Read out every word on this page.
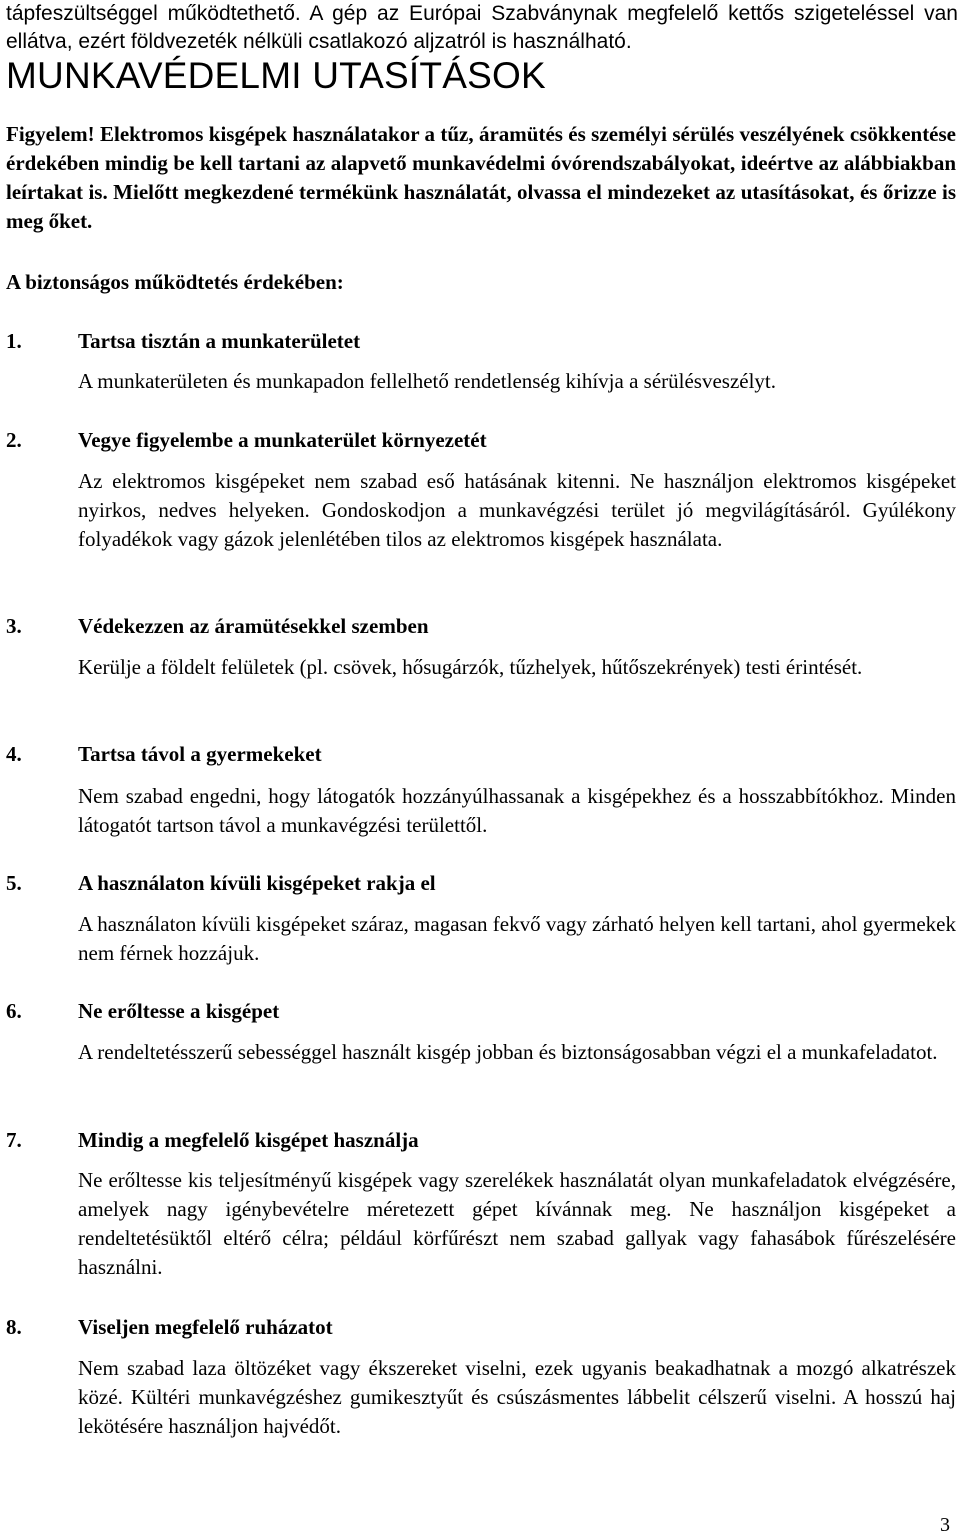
tápfeszültséggel működtethető. A gép az Európai Szabványnak megfelelő kettős szigeteléssel van ellátva, ezért földvezeték nélküli csatlakozó aljzatról is használható.
MUNKAVÉDELMI UTASÍTÁSOK
Figyelem! Elektromos kisgépek használatakor a tűz, áramütés és személyi sérülés veszélyének csökkentése érdekében mindig be kell tartani az alapvető munkavédelmi óvórendszabályokat, ideértve az alábbiakban leírtakat is. Mielőtt megkezdené termékünk használatát, olvassa el mindezeket az utasításokat, és őrizze is meg őket.
A biztonságos működtetés érdekében:
1.	Tartsa tisztán a munkaterületet
A munkaterületen és munkapadon fellelhető rendetlenség kihívja a sérülésveszélyt.
2.	Vegye figyelembe a munkaterület környezetét
Az elektromos kisgépeket nem szabad eső hatásának kitenni. Ne használjon elektromos kisgépeket nyirkos, nedves helyeken. Gondoskodjon a munkavégzési terület jó megvilágításáról. Gyúlékony folyadékok vagy gázok jelenlétében tilos az elektromos kisgépek használata.
3.	Védekezzen az áramütésekkel szemben
Kerülje a földelt felületek (pl. csövek, hősugárzók, tűzhelyek, hűtőszekrények) testi érintését.
4.	Tartsa távol a gyermekeket
Nem szabad engedni, hogy látogatók hozzányúlhassanak a kisgépekhez és a hosszabbítókhoz. Minden látogatót tartson távol a munkavégzési területtől.
5.	A használaton kívüli kisgépeket rakja el
A használaton kívüli kisgépeket száraz, magasan fekvő vagy zárható helyen kell tartani, ahol gyermekek nem férnek hozzájuk.
6.	Ne erőltesse a kisgépet
A rendeltetésszerű sebességgel használt kisgép jobban és biztonságosabban végzi el a munkafeladatot.
7.	Mindig a megfelelő kisgépet használja
Ne erőltesse kis teljesítményű kisgépek vagy szerelékek használatát olyan munkafeladatok elvégzésére, amelyek nagy igénybevételre méretezett gépet kívánnak meg. Ne használjon kisgépeket a rendeltetésüktől eltérő célra; például körfűrészt nem szabad gallyak vagy fahasábok fűrészelésére használni.
8.	Viseljen megfelelő ruházatot
Nem szabad laza öltözéket vagy ékszereket viselni, ezek ugyanis beakadhatnak a mozgó alkatrészek közé. Kültéri munkavégzéshez gumikesztyűt és csúszásmentes lábbelit célszerű viselni. A hosszú haj lekötésére használjon hajvédőt.
3
